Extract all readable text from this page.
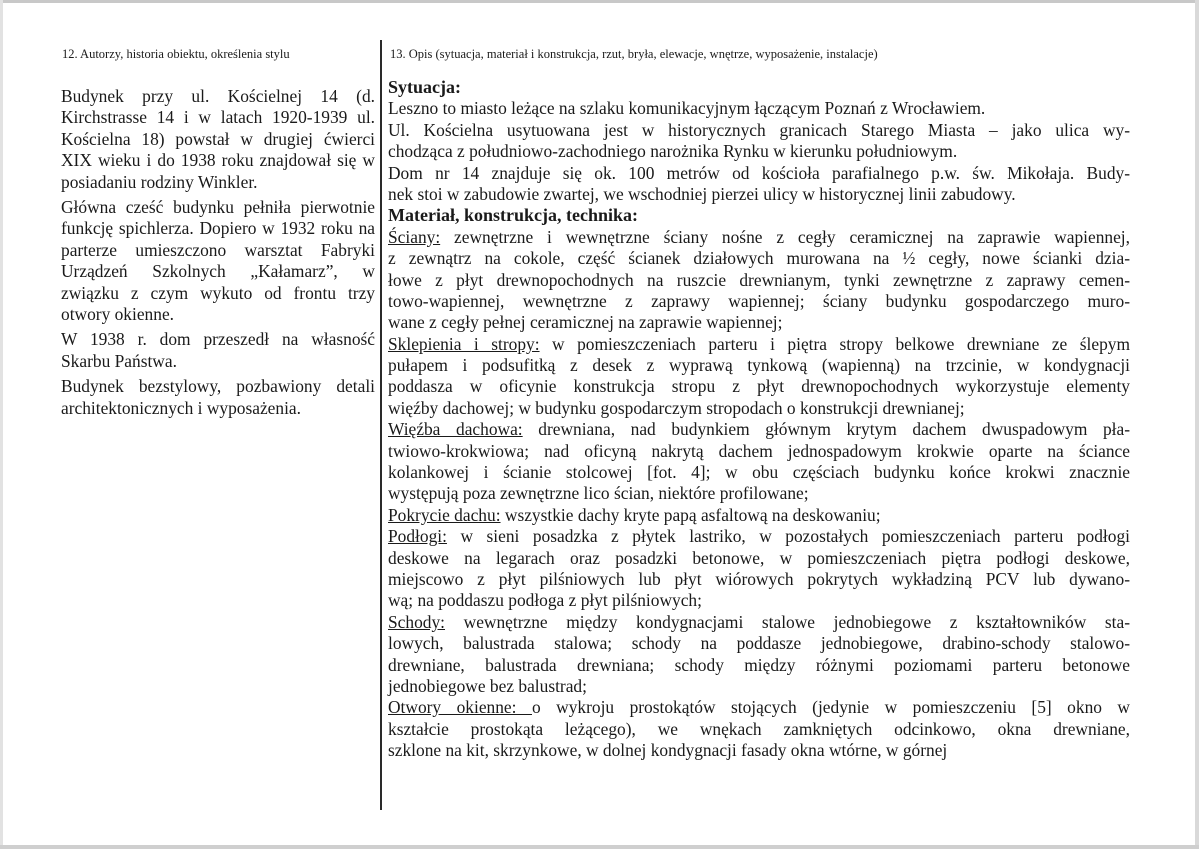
12. Autorzy, historia obiektu, określenia stylu	13. Opis (sytuacja, materiał i konstrukcja, rzut, bryła, elewacje, wnętrze, wyposażenie, instalacje)

Budynek przy ul. Kościelnej 14 (d. Kirchstrasse 14 i w latach 1920-1939 ul. Kościelna 18) powstał w drugiej ćwierci XIX wieku i do 1938 roku znajdował się w posiadaniu rodziny Winkler.

Główna cześć budynku pełniła pierwotnie funkcję spichlerza. Dopiero w 1932 roku na parterze umieszczono warsztat Fabryki Urządzeń Szkolnych „Kałamarz”, w związku z czym wykuto od frontu trzy otwory okienne.

W 1938 r. dom przeszedł na własność Skarbu Państwa.

Budynek bezstylowy, pozbawiony detali architektonicznych i wyposażenia.

Sytuacja:
Leszno to miasto leżące na szlaku komunikacyjnym łączącym Poznań z Wrocławiem.
Ul. Kościelna usytuowana jest w historycznych granicach Starego Miasta – jako ulica wy-
chodząca z południowo-zachodniego narożnika Rynku w kierunku południowym.
Dom nr 14 znajduje się ok. 100 metrów od kościoła parafialnego p.w. św. Mikołaja. Budy-
nek stoi w zabudowie zwartej, we wschodniej pierzei ulicy w historycznej linii zabudowy.
Materiał, konstrukcja, technika:
Ściany: zewnętrzne i wewnętrzne ściany nośne z cegły ceramicznej na zaprawie wapiennej,
z zewnątrz na cokole, część ścianek działowych murowana na ½ cegły, nowe ścianki dzia-
łowe z płyt drewnopochodnych na ruszcie drewnianym, tynki zewnętrzne z zaprawy cemen-
towo-wapiennej, wewnętrzne z zaprawy wapiennej; ściany budynku gospodarczego muro-
wane z cegły pełnej ceramicznej na zaprawie wapiennej;
Sklepienia i stropy: w pomieszczeniach parteru i piętra stropy belkowe drewniane ze ślepym
pułapem i podsufitką z desek z wyprawą tynkową (wapienną) na trzcinie, w kondygnacji
poddasza w oficynie konstrukcja stropu z płyt drewnopochodnych wykorzystuje elementy
więźby dachowej; w budynku gospodarczym stropodach o konstrukcji drewnianej;
Więźba dachowa: drewniana, nad budynkiem głównym krytym dachem dwuspadowym pła-
twiowo-krokwiowa; nad oficyną nakrytą dachem jednospadowym krokwie oparte na ściance
kolankowej i ścianie stolcowej [fot. 4]; w obu częściach budynku końce krokwi znacznie
występują poza zewnętrzne lico ścian, niektóre profilowane;
Pokrycie dachu: wszystkie dachy kryte papą asfaltową na deskowaniu;
Podłogi: w sieni posadzka z płytek lastriko, w pozostałych pomieszczeniach parteru podłogi
deskowe na legarach oraz posadzki betonowe, w pomieszczeniach piętra podłogi deskowe,
miejscowo z płyt pilśniowych lub płyt wiórowych pokrytych wykładziną PCV lub dywano-
wą; na poddaszu podłoga z płyt pilśniowych;
Schody: wewnętrzne między kondygnacjami stalowe jednobiegowe z kształtowników sta-
lowych, balustrada stalowa; schody na poddasze jednobiegowe, drabino-schody stalowo-
drewniane, balustrada drewniana; schody między różnymi poziomami parteru betonowe
jednobiegowe bez balustrad;
Otwory okienne: o wykroju prostokątów stojących (jedynie w pomieszczeniu [5] okno w
kształcie prostokąta leżącego), we wnękach zamkniętych odcinkowo, okna drewniane,
szklone na kit, skrzynkowe, w dolnej kondygnacji fasady okna wtórne, w górnej
